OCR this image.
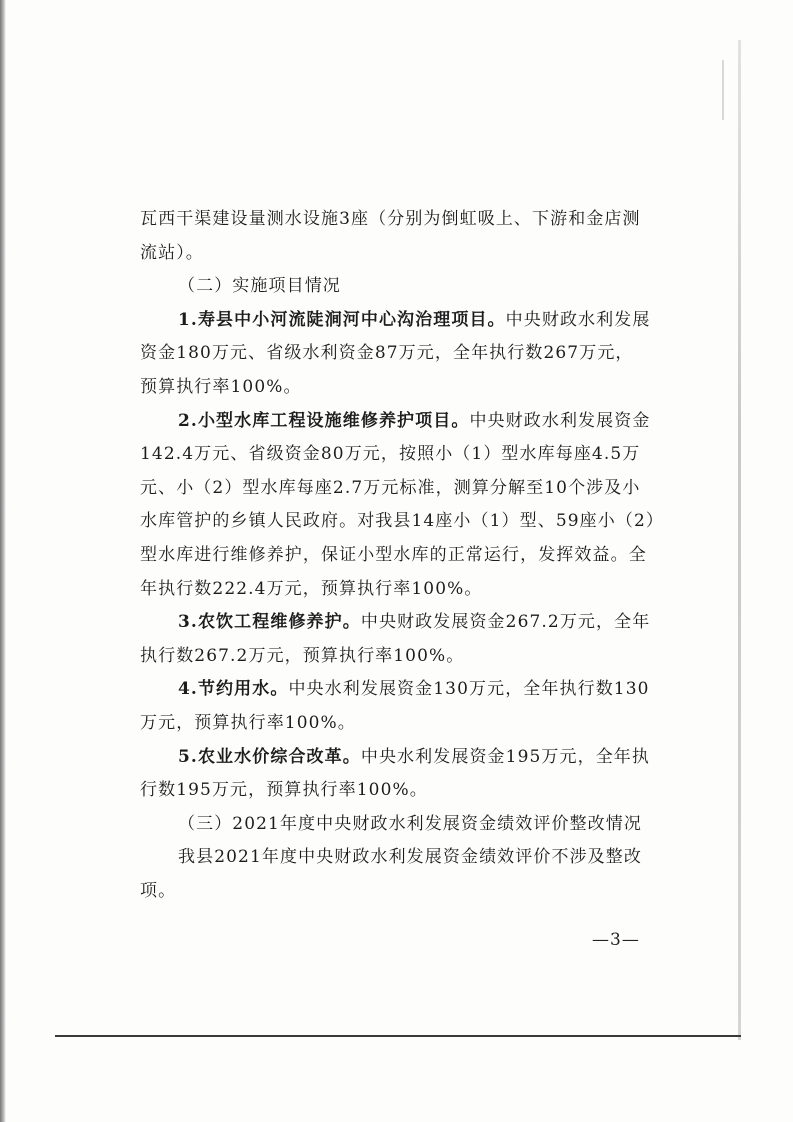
瓦西干渠建设量测水设施3座（分别为倒虹吸上、下游和金店测
流站）。
（二）实施项目情况
1.寿县中小河流陡涧河中心沟治理项目。中央财政水利发展
资金180万元、省级水利资金87万元，全年执行数267万元，
预算执行率100%。
2.小型水库工程设施维修养护项目。中央财政水利发展资金
142.4万元、省级资金80万元，按照小（1）型水库每座4.5万
元、小（2）型水库每座2.7万元标准，测算分解至10个涉及小
水库管护的乡镇人民政府。对我县14座小（1）型、59座小（2）
型水库进行维修养护，保证小型水库的正常运行，发挥效益。全
年执行数222.4万元，预算执行率100%。
3.农饮工程维修养护。中央财政发展资金267.2万元，全年
执行数267.2万元，预算执行率100%。
4.节约用水。中央水利发展资金130万元，全年执行数130
万元，预算执行率100%。
5.农业水价综合改革。中央水利发展资金195万元，全年执
行数195万元，预算执行率100%。
（三）2021年度中央财政水利发展资金绩效评价整改情况
我县2021年度中央财政水利发展资金绩效评价不涉及整改
项。
—3—
